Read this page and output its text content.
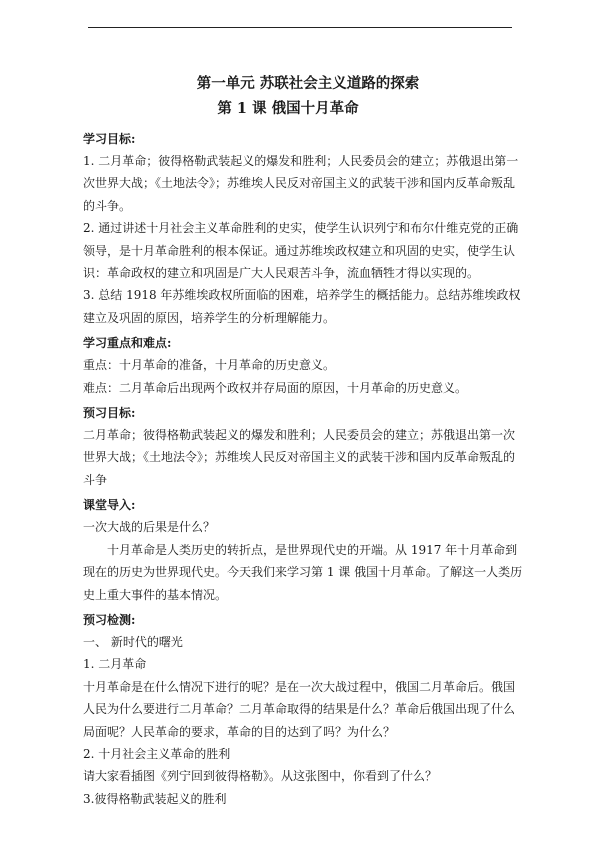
第一单元 苏联社会主义道路的探索
第 1 课 俄国十月革命
学习目标:
1. 二月革命；彼得格勒武装起义的爆发和胜利；人民委员会的建立；苏俄退出第一次世界大战；《土地法令》；苏维埃人民反对帝国主义的武装干涉和国内反革命叛乱的斗争。
2. 通过讲述十月社会主义革命胜利的史实，使学生认识列宁和布尔什维克党的正确领导，是十月革命胜利的根本保证。通过苏维埃政权建立和巩固的史实，使学生认识：革命政权的建立和巩固是广大人民艰苦斗争，流血牺牲才得以实现的。
3. 总结 1918 年苏维埃政权所面临的困难，培养学生的概括能力。总结苏维埃政权建立及巩固的原因，培养学生的分析理解能力。
学习重点和难点:
重点：十月革命的准备，十月革命的历史意义。
难点：二月革命后出现两个政权并存局面的原因，十月革命的历史意义。
预习目标:
二月革命；彼得格勒武装起义的爆发和胜利；人民委员会的建立；苏俄退出第一次世界大战；《土地法令》；苏维埃人民反对帝国主义的武装干涉和国内反革命叛乱的斗争
课堂导入:
一次大战的后果是什么？
十月革命是人类历史的转折点，是世界现代史的开端。从 1917 年十月革命到现在的历史为世界现代史。今天我们来学习第 1 课 俄国十月革命。了解这一人类历史上重大事件的基本情况。
预习检测:
一、 新时代的曙光
1. 二月革命
十月革命是在什么情况下进行的呢？是在一次大战过程中，俄国二月革命后。俄国人民为什么要进行二月革命？二月革命取得的结果是什么？革命后俄国出现了什么局面呢？人民革命的要求，革命的目的达到了吗？为什么？
2. 十月社会主义革命的胜利
请大家看插图《列宁回到彼得格勒》。从这张图中，你看到了什么？
3.彼得格勒武装起义的胜利
